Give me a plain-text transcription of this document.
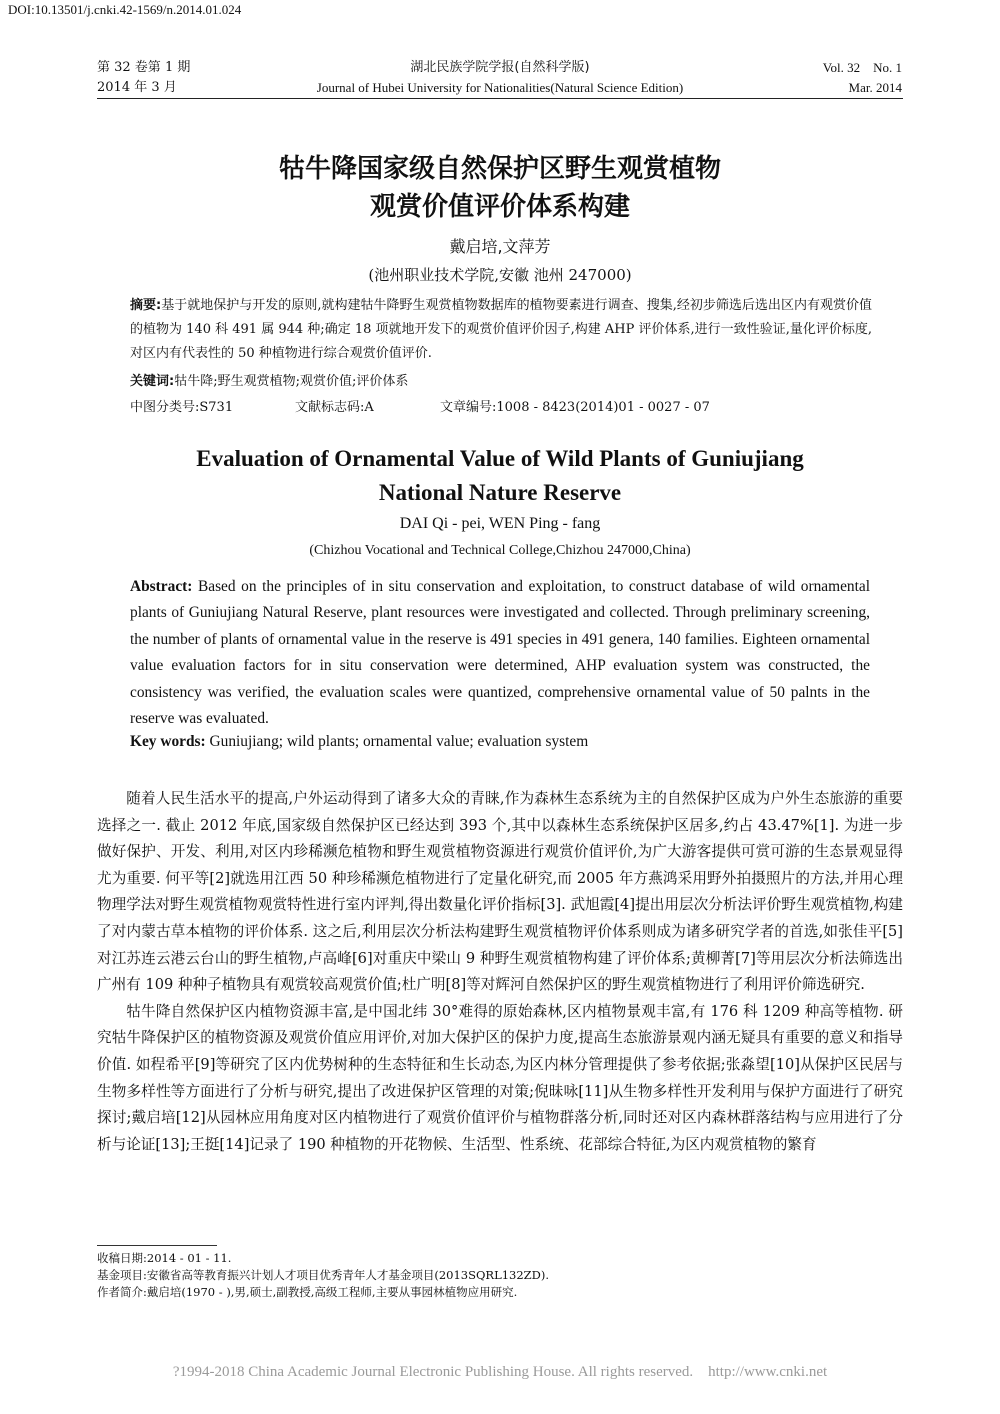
DOI:10.13501/j.cnki.42-1569/n.2014.01.024
第 32 卷第 1 期
2014 年 3 月
湖北民族学院学报(自然科学版)
Journal of Hubei University for Nationalities(Natural Science Edition)
Vol. 32    No. 1
Mar. 2014
牯牛降国家级自然保护区野生观赏植物
观赏价值评价体系构建
戴启培,文萍芳
(池州职业技术学院,安徽 池州 247000)
摘要:基于就地保护与开发的原则,就构建牯牛降野生观赏植物数据库的植物要素进行调查、搜集,经初步筛选后选出区内有观赏价值的植物为 140 科 491 属 944 种;确定 18 项就地开发下的观赏价值评价因子,构建 AHP 评价体系,进行一致性验证,量化评价标度,对区内有代表性的 50 种植物进行综合观赏价值评价.
关键词:牯牛降;野生观赏植物;观赏价值;评价体系
中图分类号:S731	文献标志码:A	文章编号:1008 - 8423(2014)01 - 0027 - 07
Evaluation of Ornamental Value of Wild Plants of Guniujiang
National Nature Reserve
DAI Qi - pei, WEN Ping - fang
(Chizhou Vocational and Technical College,Chizhou 247000,China)
Abstract: Based on the principles of in situ conservation and exploitation, to construct database of wild ornamental plants of Guniujiang Natural Reserve, plant resources were investigated and collected. Through preliminary screening, the number of plants of ornamental value in the reserve is 491 species in 491 genera, 140 families. Eighteen ornamental value evaluation factors for in situ conservation were determined, AHP evaluation system was constructed, the consistency was verified, the evaluation scales were quantized, comprehensive ornamental value of 50 palnts in the reserve was evaluated.
Key words: Guniujiang; wild plants; ornamental value; evaluation system

随着人民生活水平的提高,户外运动得到了诸多大众的青睐,作为森林生态系统为主的自然保护区成为户外生态旅游的重要选择之一. 截止 2012 年底,国家级自然保护区已经达到 393 个,其中以森林生态系统保护区居多,约占 43.47%[1]. 为进一步做好保护、开发、利用,对区内珍稀濒危植物和野生观赏植物资源进行观赏价值评价,为广大游客提供可赏可游的生态景观显得尤为重要. 何平等[2]就选用江西 50 种珍稀濒危植物进行了定量化研究,而 2005 年方燕鸿采用野外拍摄照片的方法,并用心理物理学法对野生观赏植物观赏特性进行室内评判,得出数量化评价指标[3]. 武旭霞[4]提出用层次分析法评价野生观赏植物,构建了对内蒙古草本植物的评价体系. 这之后,利用层次分析法构建野生观赏植物评价体系则成为诸多研究学者的首选,如张佳平[5]对江苏连云港云台山的野生植物,卢高峰[6]对重庆中梁山 9 种野生观赏植物构建了评价体系;黄柳菁[7]等用层次分析法筛选出广州有 109 种种子植物具有观赏较高观赏价值;杜广明[8]等对辉河自然保护区的野生观赏植物进行了利用评价筛选研究.

牯牛降自然保护区内植物资源丰富,是中国北纬 30°难得的原始森林,区内植物景观丰富,有 176 科 1209 种高等植物. 研究牯牛降保护区的植物资源及观赏价值应用评价,对加大保护区的保护力度,提高生态旅游景观内涵无疑具有重要的意义和指导价值. 如程希平[9]等研究了区内优势树种的生态特征和生长动态,为区内林分管理提供了参考依据;张淼望[10]从保护区民居与生物多样性等方面进行了分析与研究,提出了改进保护区管理的对策;倪昧咏[11]从生物多样性开发利用与保护方面进行了研究探讨;戴启培[12]从园林应用角度对区内植物进行了观赏价值评价与植物群落分析,同时还对区内森林群落结构与应用进行了分析与论证[13];王挺[14]记录了 190 种植物的开花物候、生活型、性系统、花部综合特征,为区内观赏植物的繁育

收稿日期:2014 - 01 - 11.
基金项目:安徽省高等教育振兴计划人才项目优秀青年人才基金项目(2013SQRL132ZD).
作者简介:戴启培(1970 - ),男,硕士,副教授,高级工程师,主要从事园林植物应用研究.
?1994-2018 China Academic Journal Electronic Publishing House. All rights reserved.    http://www.cnki.net
